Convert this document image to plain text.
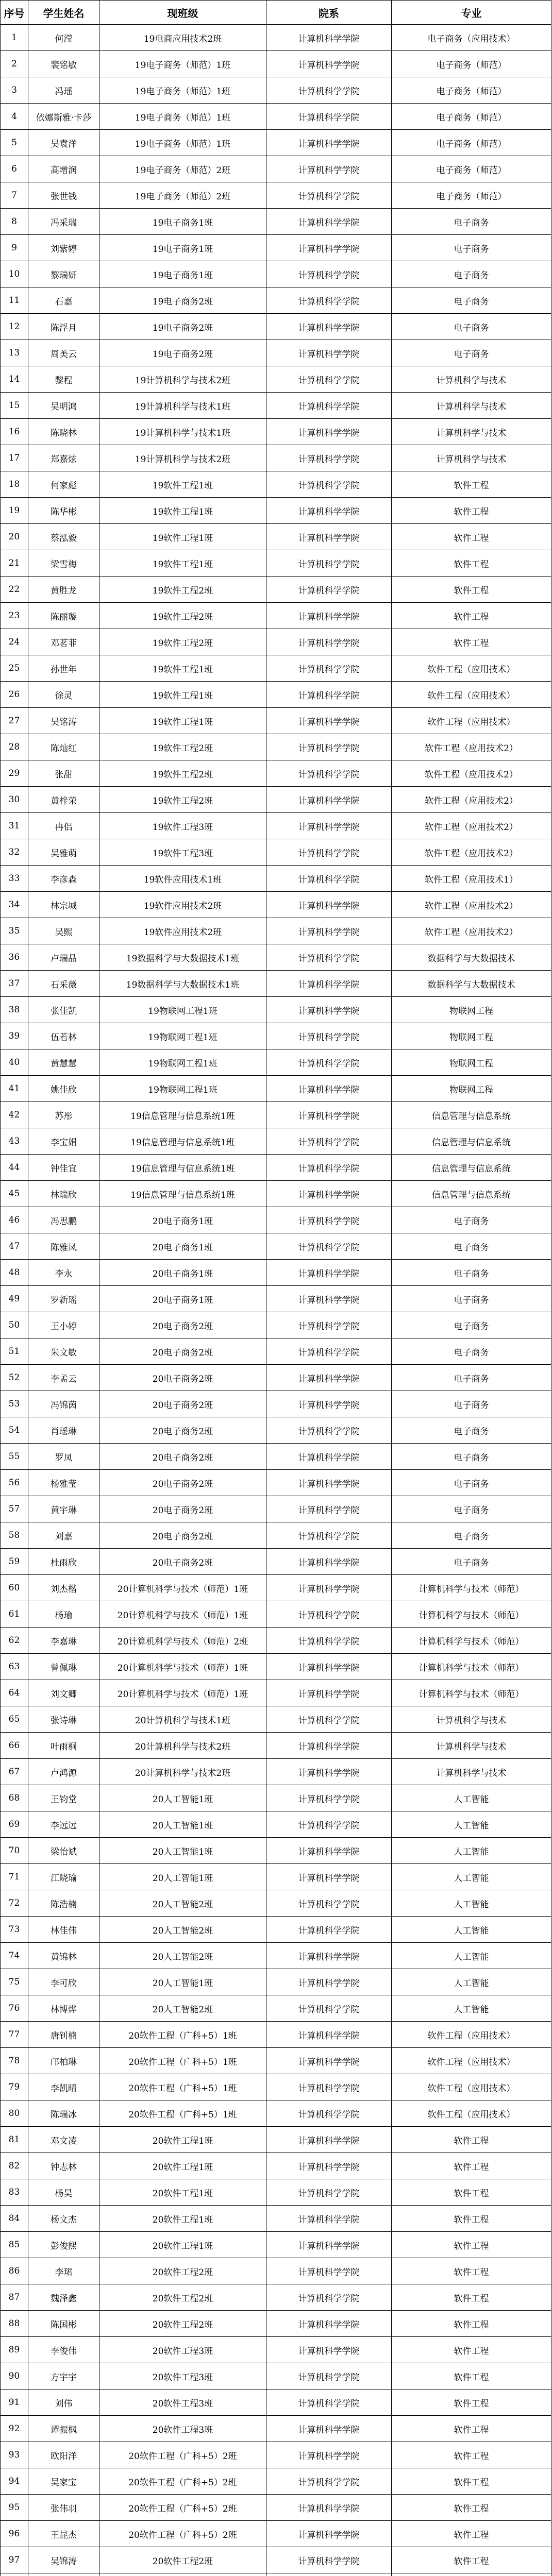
序号	学生姓名	现班级	院系	专业
1	何滢	19电商应用技术2班	计算机科学学院	电子商务（应用技术）
2	裴铭敏	19电子商务（师范）1班	计算机科学学院	电子商务（师范）
3	冯瑶	19电子商务（师范）1班	计算机科学学院	电子商务（师范）
4	依娜斯雅·卡莎	19电子商务（师范）1班	计算机科学学院	电子商务（师范）
5	吴袁洋	19电子商务（师范）1班	计算机科学学院	电子商务（师范）
6	高增润	19电子商务（师范）2班	计算机科学学院	电子商务（师范）
7	张世钱	19电子商务（师范）2班	计算机科学学院	电子商务（师范）
8	冯采瑞	19电子商务1班	计算机科学学院	电子商务
9	刘紫婷	19电子商务1班	计算机科学学院	电子商务
10	黎瑞妍	19电子商务1班	计算机科学学院	电子商务
11	石嘉	19电子商务2班	计算机科学学院	电子商务
12	陈浮月	19电子商务2班	计算机科学学院	电子商务
13	周美云	19电子商务2班	计算机科学学院	电子商务
14	黎程	19计算机科学与技术2班	计算机科学学院	计算机科学与技术
15	吴明鸿	19计算机科学与技术1班	计算机科学学院	计算机科学与技术
16	陈晓林	19计算机科学与技术1班	计算机科学学院	计算机科学与技术
17	郑嘉炫	19计算机科学与技术2班	计算机科学学院	计算机科学与技术
18	何家彪	19软件工程1班	计算机科学学院	软件工程
19	陈华彬	19软件工程1班	计算机科学学院	软件工程
20	蔡泓毅	19软件工程1班	计算机科学学院	软件工程
21	梁雪梅	19软件工程1班	计算机科学学院	软件工程
22	黄胜龙	19软件工程2班	计算机科学学院	软件工程
23	陈丽璇	19软件工程2班	计算机科学学院	软件工程
24	邓茗菲	19软件工程2班	计算机科学学院	软件工程
25	孙世年	19软件工程1班	计算机科学学院	软件工程（应用技术）
26	徐灵	19软件工程1班	计算机科学学院	软件工程（应用技术）
27	吴铭涛	19软件工程1班	计算机科学学院	软件工程（应用技术）
28	陈灿红	19软件工程2班	计算机科学学院	软件工程（应用技术2）
29	张甜	19软件工程2班	计算机科学学院	软件工程（应用技术2）
30	黄梓荣	19软件工程2班	计算机科学学院	软件工程（应用技术2）
31	冉侣	19软件工程3班	计算机科学学院	软件工程（应用技术2）
32	吴雅萌	19软件工程3班	计算机科学学院	软件工程（应用技术2）
33	李彦森	19软件应用技术1班	计算机科学学院	软件工程（应用技术1）
34	林宗城	19软件应用技术2班	计算机科学学院	软件工程（应用技术2）
35	吴熙	19软件应用技术2班	计算机科学学院	软件工程（应用技术2）
36	卢瑞晶	19数据科学与大数据技术1班	计算机科学学院	数据科学与大数据技术
37	石采薇	19数据科学与大数据技术1班	计算机科学学院	数据科学与大数据技术
38	张佳凯	19物联网工程1班	计算机科学学院	物联网工程
39	伍若林	19物联网工程1班	计算机科学学院	物联网工程
40	黄慧慧	19物联网工程1班	计算机科学学院	物联网工程
41	姚佳欣	19物联网工程1班	计算机科学学院	物联网工程
42	苏彤	19信息管理与信息系统1班	计算机科学学院	信息管理与信息系统
43	李宝娟	19信息管理与信息系统1班	计算机科学学院	信息管理与信息系统
44	钟佳宜	19信息管理与信息系统1班	计算机科学学院	信息管理与信息系统
45	林瑞欣	19信息管理与信息系统1班	计算机科学学院	信息管理与信息系统
46	冯思鹏	20电子商务1班	计算机科学学院	电子商务
47	陈雅凤	20电子商务1班	计算机科学学院	电子商务
48	李永	20电子商务1班	计算机科学学院	电子商务
49	罗新瑶	20电子商务1班	计算机科学学院	电子商务
50	王小婷	20电子商务2班	计算机科学学院	电子商务
51	朱文敏	20电子商务2班	计算机科学学院	电子商务
52	李孟云	20电子商务2班	计算机科学学院	电子商务
53	冯锦茵	20电子商务2班	计算机科学学院	电子商务
54	肖瑶琳	20电子商务2班	计算机科学学院	电子商务
55	罗凤	20电子商务2班	计算机科学学院	电子商务
56	杨雅莹	20电子商务2班	计算机科学学院	电子商务
57	黄宇琳	20电子商务2班	计算机科学学院	电子商务
58	刘嘉	20电子商务2班	计算机科学学院	电子商务
59	杜雨欣	20电子商务2班	计算机科学学院	电子商务
60	刘杰楷	20计算机科学与技术（师范）1班	计算机科学学院	计算机科学与技术（师范）
61	杨瑜	20计算机科学与技术（师范）1班	计算机科学学院	计算机科学与技术（师范）
62	李嘉琳	20计算机科学与技术（师范）2班	计算机科学学院	计算机科学与技术（师范）
63	曾佩琳	20计算机科学与技术（师范）1班	计算机科学学院	计算机科学与技术（师范）
64	刘文卿	20计算机科学与技术（师范）1班	计算机科学学院	计算机科学与技术（师范）
65	张诗琳	20计算机科学与技术1班	计算机科学学院	计算机科学与技术
66	叶雨桐	20计算机科学与技术2班	计算机科学学院	计算机科学与技术
67	卢鸿源	20计算机科学与技术2班	计算机科学学院	计算机科学与技术
68	王钧堂	20人工智能1班	计算机科学学院	人工智能
69	李远远	20人工智能1班	计算机科学学院	人工智能
70	梁怡斌	20人工智能1班	计算机科学学院	人工智能
71	江晓瑜	20人工智能1班	计算机科学学院	人工智能
72	陈浩楠	20人工智能2班	计算机科学学院	人工智能
73	林佳伟	20人工智能2班	计算机科学学院	人工智能
74	黄锦林	20人工智能2班	计算机科学学院	人工智能
75	李可欣	20人工智能1班	计算机科学学院	人工智能
76	林博烨	20人工智能2班	计算机科学学院	人工智能
77	唐钊楠	20软件工程（广科+5）1班	计算机科学学院	软件工程（应用技术）
78	邝柏琳	20软件工程（广科+5）1班	计算机科学学院	软件工程（应用技术）
79	李凯晴	20软件工程（广科+5）1班	计算机科学学院	软件工程（应用技术）
80	陈瑞冰	20软件工程（广科+5）1班	计算机科学学院	软件工程（应用技术）
81	邓文凌	20软件工程1班	计算机科学学院	软件工程
82	钟志林	20软件工程1班	计算机科学学院	软件工程
83	杨昊	20软件工程1班	计算机科学学院	软件工程
84	杨文杰	20软件工程1班	计算机科学学院	软件工程
85	彭俊熙	20软件工程1班	计算机科学学院	软件工程
86	李珺	20软件工程2班	计算机科学学院	软件工程
87	魏泽鑫	20软件工程2班	计算机科学学院	软件工程
88	陈国彬	20软件工程2班	计算机科学学院	软件工程
89	李俊伟	20软件工程3班	计算机科学学院	软件工程
90	方宇宇	20软件工程3班	计算机科学学院	软件工程
91	刘伟	20软件工程3班	计算机科学学院	软件工程
92	谭振枫	20软件工程3班	计算机科学学院	软件工程
93	欧阳洋	20软件工程（广科+5）2班	计算机科学学院	软件工程
94	吴家宝	20软件工程（广科+5）2班	计算机科学学院	软件工程
95	张伟羽	20软件工程（广科+5）2班	计算机科学学院	软件工程
96	王昆杰	20软件工程（广科+5）2班	计算机科学学院	软件工程
97	吴锦涛	20软件工程2班	计算机科学学院	软件工程
